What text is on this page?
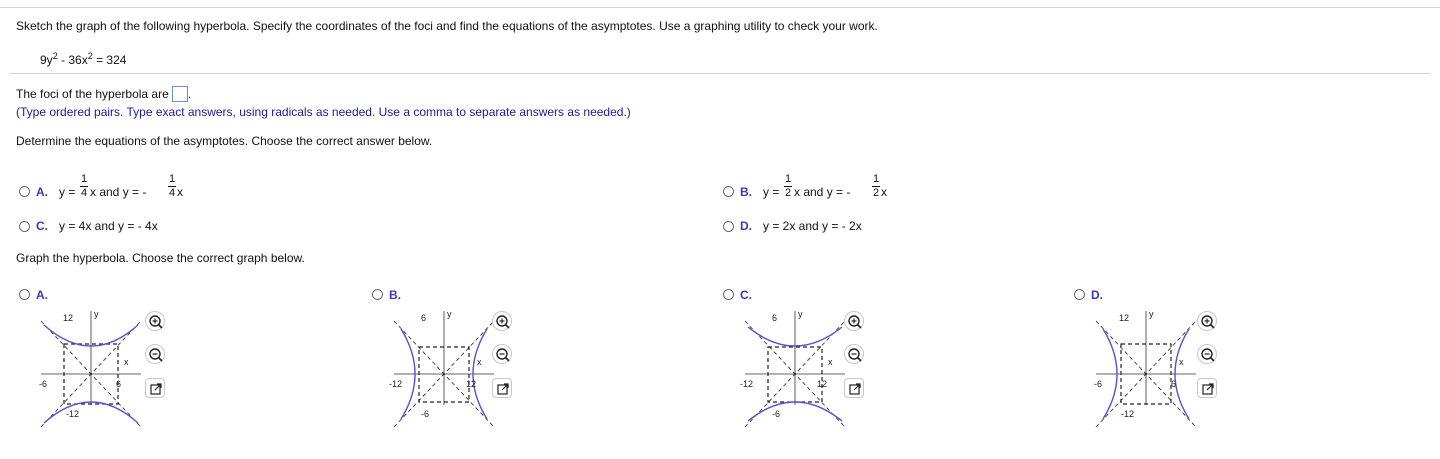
Sketch the graph of the following hyperbola. Specify the coordinates of the foci and find the equations of the asymptotes. Use a graphing utility to check your work.
$9y^2 - 36x^2 = 324$
The foci of the hyperbola are .
(Type ordered pairs. Type exact answers, using radicals as needed. Use a comma to separate answers as needed.)
Determine the equations of the asymptotes. Choose the correct answer below.
A. y =
1
4 x and y = -
1
4 x	B. y =
1
2 x and y = -
1
2 x
C. y = 4x and y = - 4x	D. y = 2x and y = - 2x
Graph the hyperbola. Choose the correct graph below.
A.
12
-12
-6	6
x
y
B.
6
-6
-12	12
x
y
C.
6
-6
-12	12
x
y
D.
12
-12
-6	6
x
y
